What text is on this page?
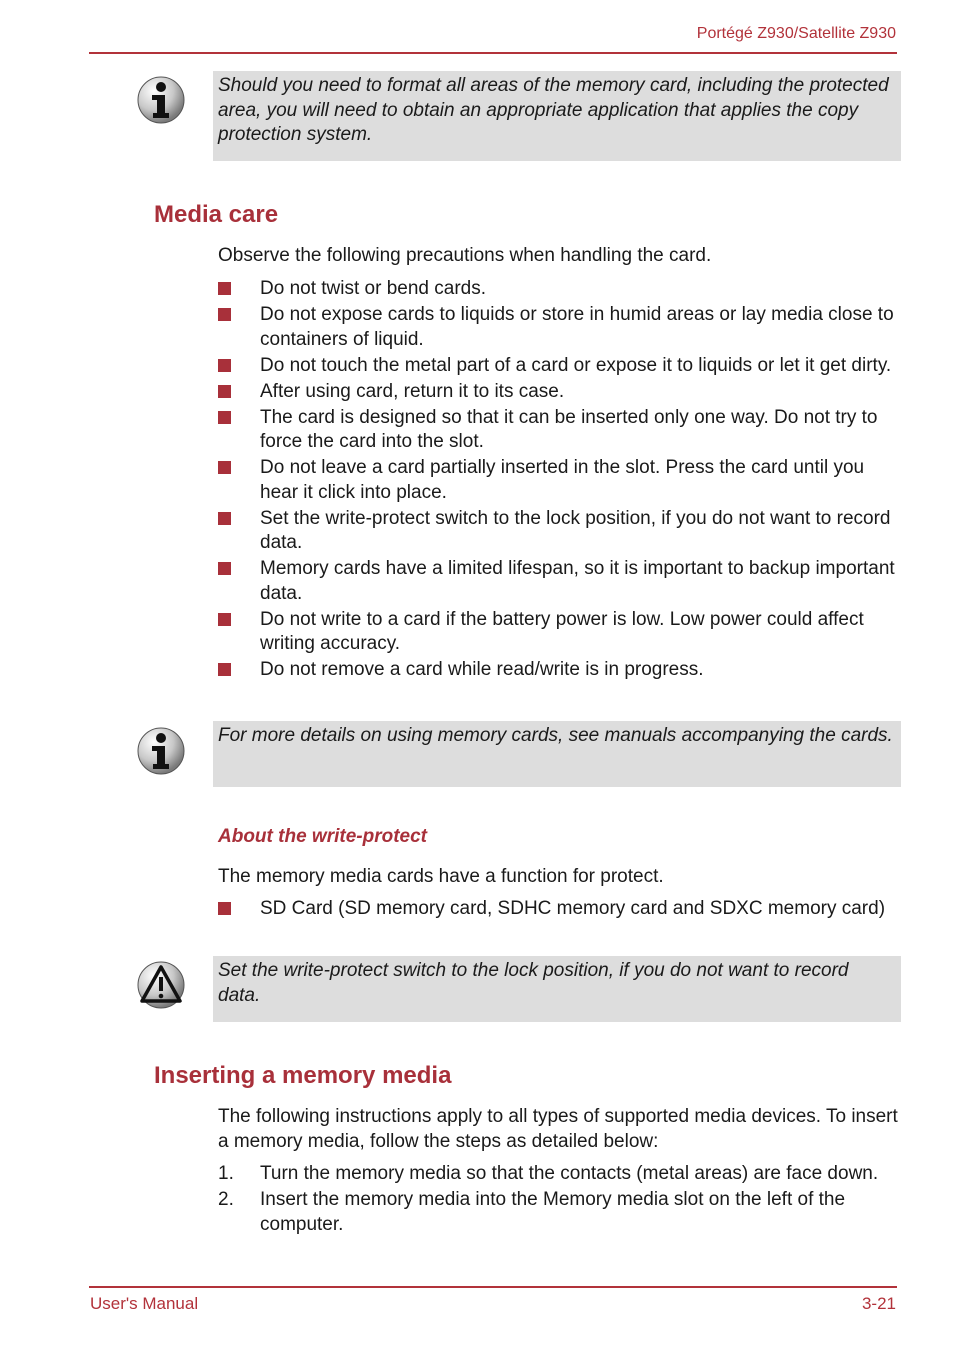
Portégé Z930/Satellite Z930
Should you need to format all areas of the memory card, including the protected area, you will need to obtain an appropriate application that applies the copy protection system.
Media care

Observe the following precautions when handling the card.

Do not twist or bend cards.
Do not expose cards to liquids or store in humid areas or lay media close to containers of liquid.
Do not touch the metal part of a card or expose it to liquids or let it get dirty.
After using card, return it to its case.
The card is designed so that it can be inserted only one way. Do not try to force the card into the slot.
Do not leave a card partially inserted in the slot. Press the card until you hear it click into place.
Set the write-protect switch to the lock position, if you do not want to record data.
Memory cards have a limited lifespan, so it is important to backup important data.
Do not write to a card if the battery power is low. Low power could affect writing accuracy.
Do not remove a card while read/write is in progress.
For more details on using memory cards, see manuals accompanying the cards.
About the write-protect

The memory media cards have a function for protect.

SD Card (SD memory card, SDHC memory card and SDXC memory card)
Set the write-protect switch to the lock position, if you do not want to record data.
Inserting a memory media

The following instructions apply to all types of supported media devices. To insert a memory media, follow the steps as detailed below:

1. Turn the memory media so that the contacts (metal areas) are face down.
2. Insert the memory media into the Memory media slot on the left of the computer.
User's Manual	3-21
